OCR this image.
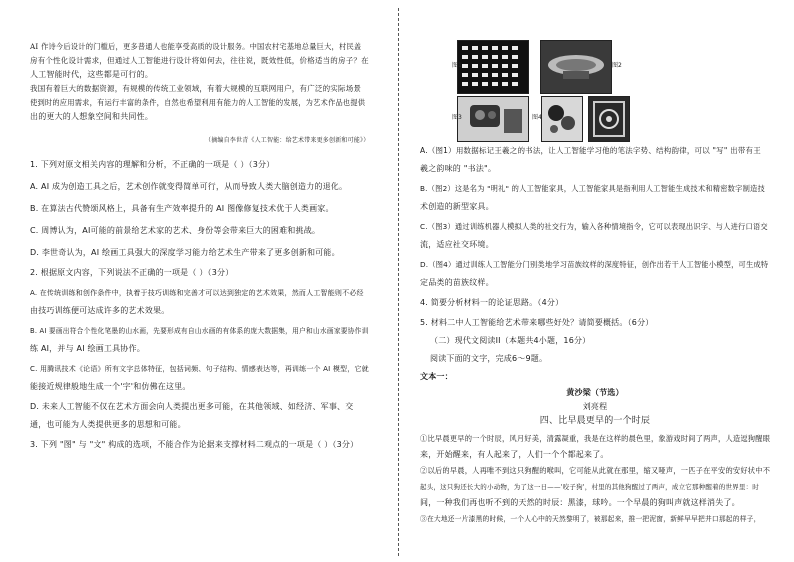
AI 作诗今后设计的门槛后，更多普通人也能享受高质的设计服务。中国农村宅基地总量巨大，村民盖
房有个性化设计需求，但通过人工智能进行设计将如何去，往往说，既效性低，价格适当的房子？在
人工智能时代，这些都是可行的。
我国有着巨大的数据资源，有规模的传统工业领域，有着大规模的互联网用户，有广泛的实际场景
使到时的应用需求，有运行丰富的条件，自然也希望利用有能力的人工智能的发展，为艺术作品也提供
出的更大的人想象空间和共同性。
（摘编自李世青《人工智能：给艺术带来更多创新和可能》）
1. 下列对原文相关内容的理解和分析，不正确的一项是（ ）（3分）
A. AI 成为创造工具之后，艺术创作就变得简单可行，从而导致人类大脑创造力的退化。
B. 在算法古代赞颂风格上，具备有生产效率提升的 AI 图像修复技术优于人类画家。
C. 周博认为，AI可能的前景给艺术家的艺术、身份等会带来巨大的困难和挑战。
D. 李世奇认为，AI 绘画工具强大的深度学习能力给艺术生产带来了更多创新和可能。
2. 根据原文内容，下列说法不正确的一项是（ ）（3分）
A. 在传统训练和创作条件中，执着于技巧训练和完善才可以达到独定的艺术效果，然而人工智能则不必经
由技巧训练便可达成许多的艺术效果。
B. AI 要画出符合个性化笔墨的山水画，先要形成有自山水画的有体系的庞大数据集，用户和山水画家要协作训
练 AI，并与 AI 绘画工具协作。
C. 用腾讯技术《论语》所有文字总体特征，包括词频、句子结构、情感表达等，再训练一个 AI 模型，它就
能接近规律般地生成一个'字'和仿佛在这里。
D. 未来人工智能不仅在艺术方面会向人类提出更多可能，在其他领域、如经济、军事、交
通，也可能为人类提供更多的思想和可能。
3. 下列 "图" 与 "文" 构成的选项，不能合作为论据来支撑材料二观点的一项是（ ）（3分）
图1	图2
图3	图4
A.（图1）用数据标记王羲之的书法，让人工智能学习他的笔法字势、结构韵律，可以 "写" 出带有王
羲之韵味的 "书法"。
B.（图2）这是名为 "明礼" 的人工智能家具，人工智能家具是指利用人工智能生成技术和精密数字制造技
术创造的新型家具。
C.（图3）通过训练机器人模拟人类的社交行为，输入各种情境指令，它可以表现出识字、与人进行口语交
流，适应社交环境。
D.（图4）通过训练人工智能分门别类地学习苗族纹样的深度特征，创作出若干人工智能小模型，可生成特
定品类的苗族纹样。
4. 简要分析材料一的论证思路。（4分）
5. 材料二中人工智能给艺术带来哪些好处？请简要概括。（6分）
（二）现代文阅读II（本题共4小题，16分）
阅读下面的文字，完成6～9题。
文本一：
黄沙梁（节选）
刘亮程
四、比早晨更早的一个时辰
①比早晨更早的一个时辰，风月好美，清露凝重，我是在这样的晨色里，象游戏时间了两声，人造逗狗醒眼
来，开始醒来，有人起来了，人们一个个都起来了。
②以后的早晨，人再唯不到这只狗醒的喉叫，它可能从此就在那里，缩又哑声，一匹子在平安的安好状中不
起头，这只狗还长大的小动物，为了这一日——'咬子狗'，村里的其他狗醒过了两声，成立它那种醒着的世界里：时
间，一种我们再也听不到的天然的时辰：黑漆，球吟。一个早晨的狗叫声就这样消失了。
③在大地还一片漆黑的时候，一个人心中的天然黎明了，被那起来，推一把泥窗，新鲜早早把井口那起的样子，
